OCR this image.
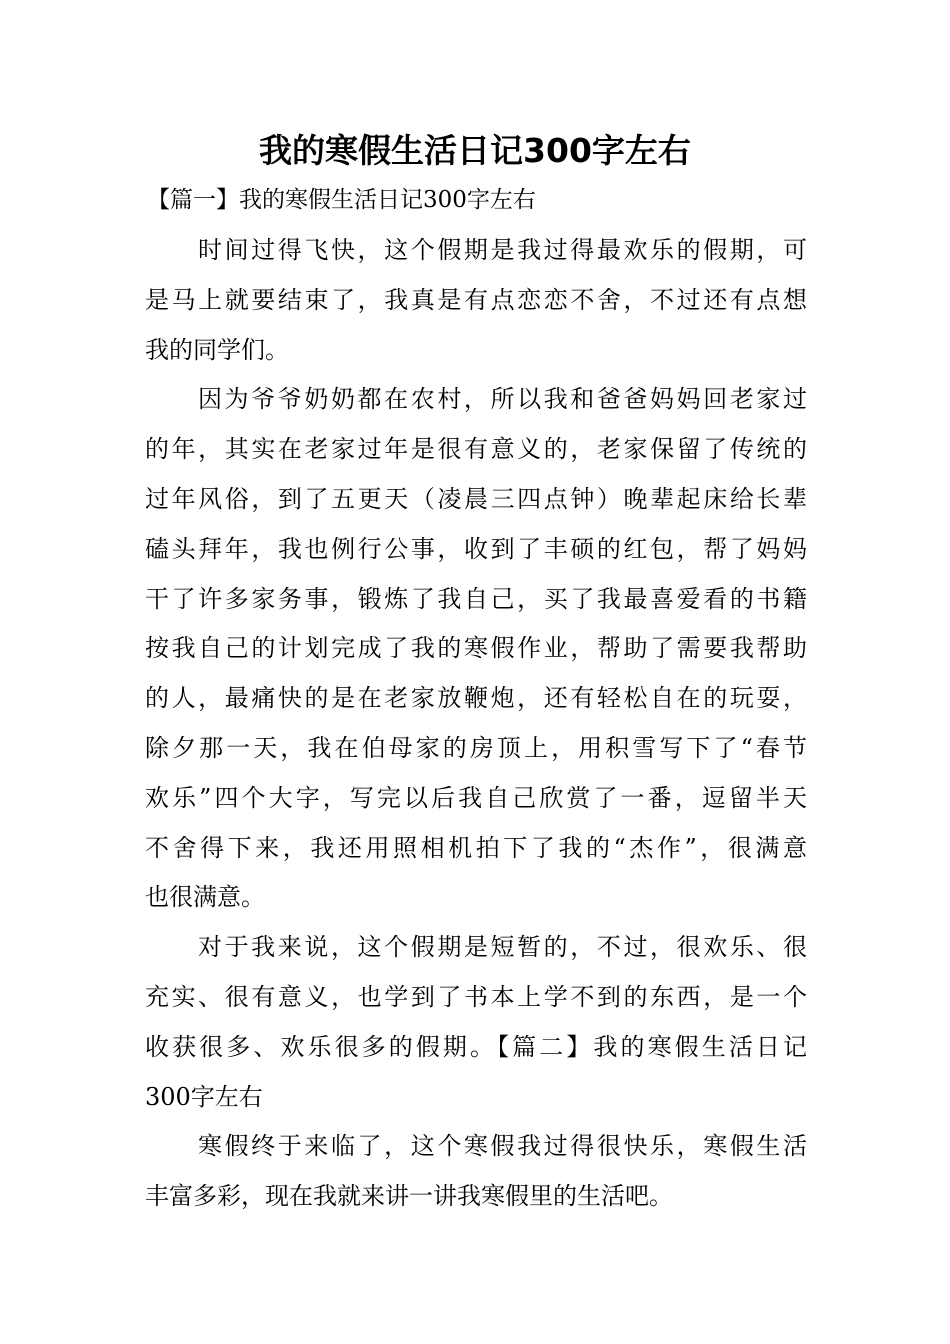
我的寒假生活日记300字左右
【篇一】我的寒假生活日记300字左右
时间过得飞快，这个假期是我过得最欢乐的假期，可
是马上就要结束了，我真是有点恋恋不舍，不过还有点想
我的同学们。
因为爷爷奶奶都在农村，所以我和爸爸妈妈回老家过
的年，其实在老家过年是很有意义的，老家保留了传统的
过年风俗，到了五更天（凌晨三四点钟）晚辈起床给长辈
磕头拜年，我也例行公事，收到了丰硕的红包，帮了妈妈
干了许多家务事，锻炼了我自己，买了我最喜爱看的书籍
按我自己的计划完成了我的寒假作业，帮助了需要我帮助
的人，最痛快的是在老家放鞭炮，还有轻松自在的玩耍，
除夕那一天，我在伯母家的房顶上，用积雪写下了“春节
欢乐”四个大字，写完以后我自己欣赏了一番，逗留半天
不舍得下来，我还用照相机拍下了我的“杰作”，很满意
也很满意。
对于我来说，这个假期是短暂的，不过，很欢乐、很
充实、很有意义，也学到了书本上学不到的东西，是一个
收获很多、欢乐很多的假期。【篇二】我的寒假生活日记
300字左右
寒假终于来临了，这个寒假我过得很快乐，寒假生活
丰富多彩，现在我就来讲一讲我寒假里的生活吧。
